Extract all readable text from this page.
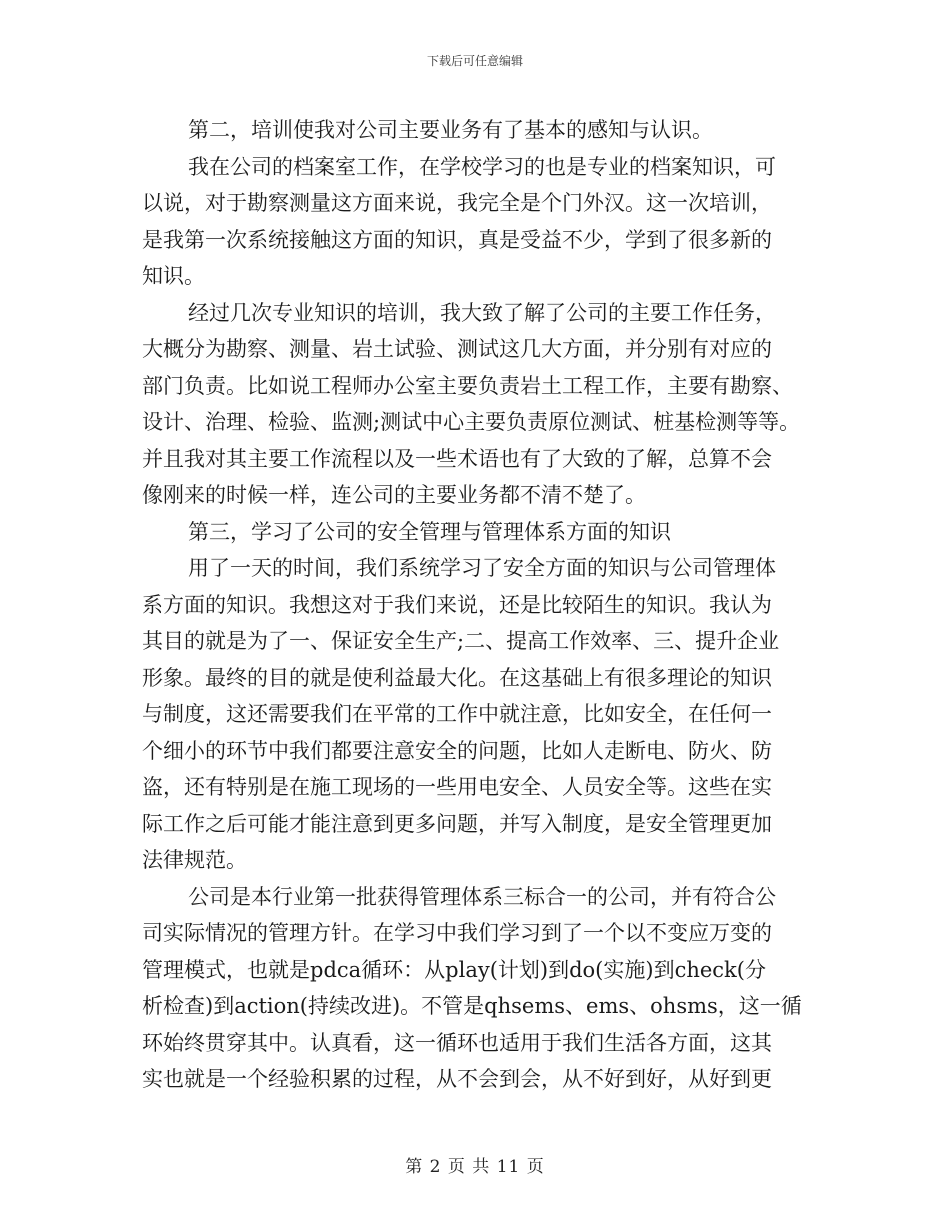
下载后可任意编辑
第二，培训使我对公司主要业务有了基本的感知与认识。
我在公司的档案室工作，在学校学习的也是专业的档案知识，可
以说，对于勘察测量这方面来说，我完全是个门外汉。这一次培训，
是我第一次系统接触这方面的知识，真是受益不少，学到了很多新的
知识。
经过几次专业知识的培训，我大致了解了公司的主要工作任务，
大概分为勘察、测量、岩土试验、测试这几大方面，并分别有对应的
部门负责。比如说工程师办公室主要负责岩土工程工作，主要有勘察、
设计、治理、检验、监测;测试中心主要负责原位测试、桩基检测等等。
并且我对其主要工作流程以及一些术语也有了大致的了解，总算不会
像刚来的时候一样，连公司的主要业务都不清不楚了。
第三，学习了公司的安全管理与管理体系方面的知识
用了一天的时间，我们系统学习了安全方面的知识与公司管理体
系方面的知识。我想这对于我们来说，还是比较陌生的知识。我认为
其目的就是为了一、保证安全生产;二、提高工作效率、三、提升企业
形象。最终的目的就是使利益最大化。在这基础上有很多理论的知识
与制度，这还需要我们在平常的工作中就注意，比如安全，在任何一
个细小的环节中我们都要注意安全的问题，比如人走断电、防火、防
盗，还有特别是在施工现场的一些用电安全、人员安全等。这些在实
际工作之后可能才能注意到更多问题，并写入制度，是安全管理更加
法律规范。
公司是本行业第一批获得管理体系三标合一的公司，并有符合公
司实际情况的管理方针。在学习中我们学习到了一个以不变应万变的
管理模式，也就是pdca循环：从play(计划)到do(实施)到check(分
析检查)到action(持续改进)。不管是qhsems、ems、ohsms，这一循
环始终贯穿其中。认真看，这一循环也适用于我们生活各方面，这其
实也就是一个经验积累的过程，从不会到会，从不好到好，从好到更
第 2 页 共 11 页
